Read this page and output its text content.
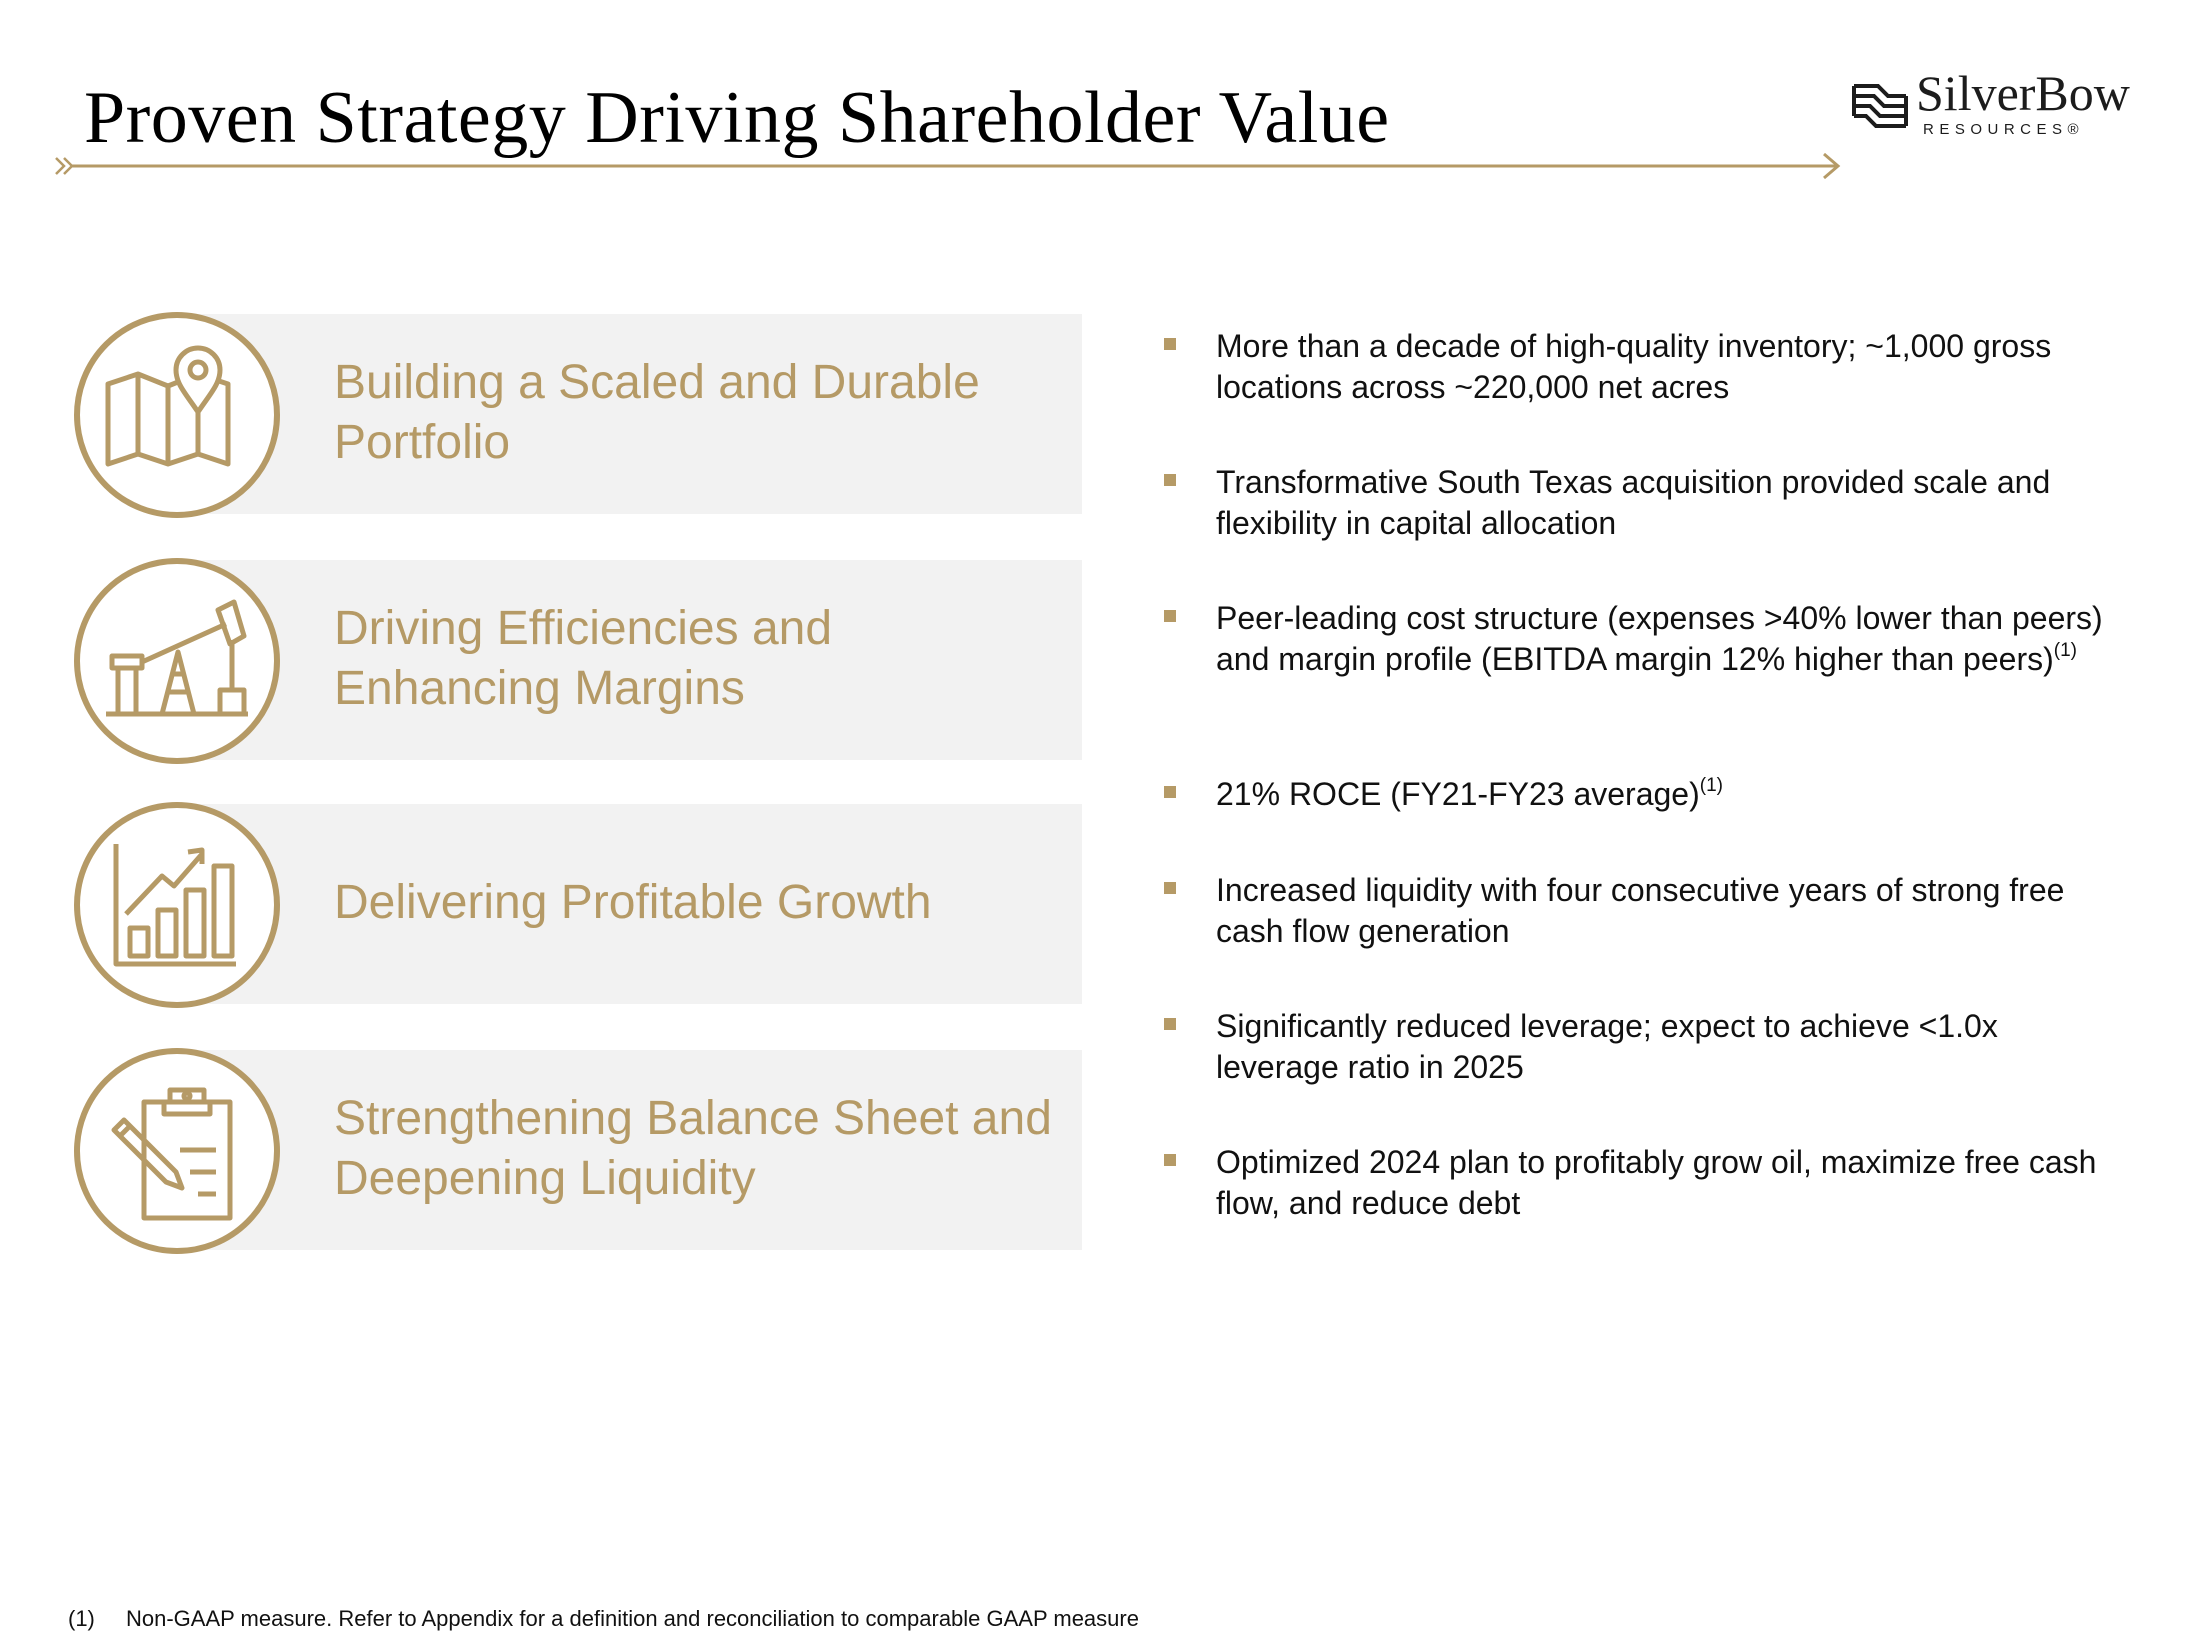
Proven Strategy Driving Shareholder Value	SilverBow
RESOURCES®
Building a Scaled and Durable Portfolio
Driving Efficiencies and Enhancing Margins
Delivering Profitable Growth
Strengthening Balance Sheet and Deepening Liquidity
More than a decade of high-quality inventory; ~1,000 gross locations across ~220,000 net acres
Transformative South Texas acquisition provided scale and flexibility in capital allocation
Peer-leading cost structure (expenses >40% lower than peers) and margin profile (EBITDA margin 12% higher than peers)$^{(1)}$
21% ROCE (FY21-FY23 average)$^{(1)}$
Increased liquidity with four consecutive years of strong free cash flow generation
Significantly reduced leverage; expect to achieve <1.0x leverage ratio in 2025
Optimized 2024 plan to profitably grow oil, maximize free cash flow, and reduce debt
(1) Non-GAAP measure. Refer to Appendix for a definition and reconciliation to comparable GAAP measure
